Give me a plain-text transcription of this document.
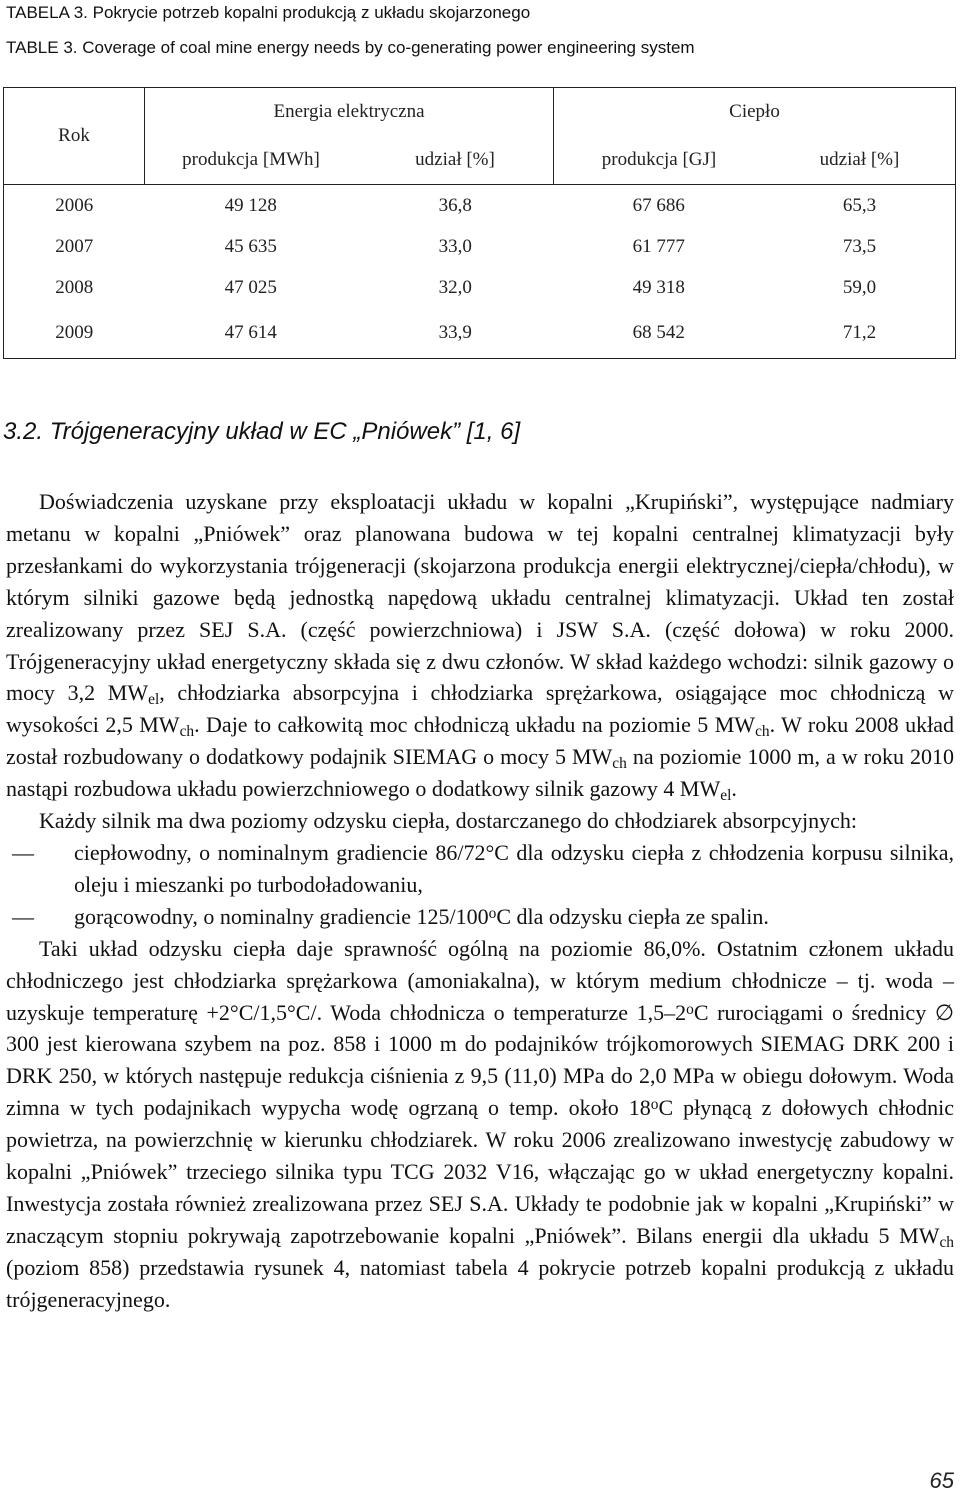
TABELA 3. Pokrycie potrzeb kopalni produkcją z układu skojarzonego
TABLE 3. Coverage of coal mine energy needs by co-generating power engineering system
Rok	Energia elektryczna		Ciepło	
	produkcja [MWh]	udział [%]	produkcja [GJ]	udział [%]
2006	49 128	36,8	67 686	65,3
2007	45 635	33,0	61 777	73,5
2008	47 025	32,0	49 318	59,0
2009	47 614	33,9	68 542	71,2
3.2. Trójgeneracyjny układ w EC „Pniówek” [1, 6]

Doświadczenia uzyskane przy eksploatacji układu w kopalni „Krupiński”, występujące nadmiary metanu w kopalni „Pniówek” oraz planowana budowa w tej kopalni centralnej klimatyzacji były przesłankami do wykorzystania trójgeneracji (skojarzona produkcja energii elektrycznej/ciepła/chłodu), w którym silniki gazowe będą jednostką napędową układu centralnej klimatyzacji. Układ ten został zrealizowany przez SEJ S.A. (część powierzchniowa) i JSW S.A. (część dołowa) w roku 2000. Trójgeneracyjny układ energetyczny składa się z dwu członów. W skład każdego wchodzi: silnik gazowy o mocy 3,2 $MW_{el}$, chłodziarka absorpcyjna i chłodziarka sprężarkowa, osiągające moc chłodniczą w wysokości 2,5 $MW_{ch}$. Daje to całkowitą moc chłodniczą układu na poziomie 5 $MW_{ch}$. W roku 2008 układ został rozbudowany o dodatkowy podajnik SIEMAG o mocy 5 $MW_{ch}$ na poziomie 1000 m, a w roku 2010 nastąpi rozbudowa układu powierzchniowego o dodatkowy silnik gazowy 4 $MW_{el}$.

Każdy silnik ma dwa poziomy odzysku ciepła, dostarczanego do chłodziarek absorpcyjnych:

—	ciepłowodny, o nominalnym gradiencie 86/72°C dla odzysku ciepła z chłodzenia korpusu silnika, oleju i mieszanki po turbodoładowaniu,
—	gorącowodny, o nominalny gradiencie 125/100$^o$C dla odzysku ciepła ze spalin.

Taki układ odzysku ciepła daje sprawność ogólną na poziomie 86,0%. Ostatnim członem układu chłodniczego jest chłodziarka sprężarkowa (amoniakalna), w którym medium chłodnicze – tj. woda – uzyskuje temperaturę +2°C/1,5°C/. Woda chłodnicza o temperaturze 1,5–2$^o$C rurociągami o średnicy ∅ 300 jest kierowana szybem na poz. 858 i 1000 m do podajników trójkomorowych SIEMAG DRK 200 i DRK 250, w których następuje redukcja ciśnienia z 9,5 (11,0) MPa do 2,0 MPa w obiegu dołowym. Woda zimna w tych podajnikach wypycha wodę ogrzaną o temp. około 18$^o$C płynącą z dołowych chłodnic powietrza, na powierzchnię w kierunku chłodziarek. W roku 2006 zrealizowano inwestycję zabudowy w kopalni „Pniówek” trzeciego silnika typu TCG 2032 V16, włączając go w układ energetyczny kopalni. Inwestycja została również zrealizowana przez SEJ S.A. Układy te podobnie jak w kopalni „Krupiński” w znaczącym stopniu pokrywają zapotrzebowanie kopalni „Pniówek”. Bilans energii dla układu 5 $MW_{ch}$ (poziom 858) przedstawia rysunek 4, natomiast tabela 4 pokrycie potrzeb kopalni produkcją z układu trójgeneracyjnego.

65
